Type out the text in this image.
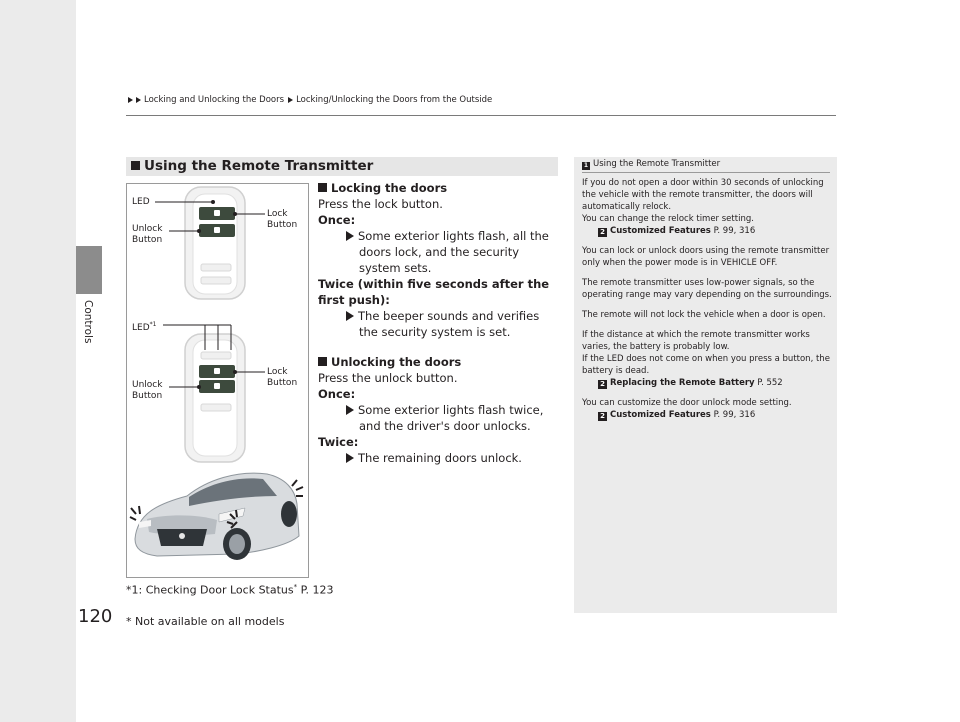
Controls
Locking and Unlocking the Doors Locking/Unlocking the Doors from the Outside
Using the Remote Transmitter
LED
Unlock
Button
Lock
Button
LED$^{*1}$
Unlock
Button
Lock
Button
Locking the doors
Press the lock button.
Once:
Some exterior lights flash, all the doors lock, and the security system sets.
Twice (within five seconds after the first push):
The beeper sounds and verifies the security system is set.
Unlocking the doors
Press the unlock button.
Once:
Some exterior lights flash twice, and the driver's door unlocks.
Twice:
The remaining doors unlock.
*1: Checking Door Lock Status* P. 123
1 Using the Remote Transmitter

If you do not open a door within 30 seconds of unlocking the vehicle with the remote transmitter, the doors will automatically relock.
You can change the relock timer setting.
2 Customized Features P. 99, 316

You can lock or unlock doors using the remote transmitter only when the power mode is in VEHICLE OFF.

The remote transmitter uses low-power signals, so the operating range may vary depending on the surroundings.

The remote will not lock the vehicle when a door is open.

If the distance at which the remote transmitter works varies, the battery is probably low.
If the LED does not come on when you press a button, the battery is dead.
2 Replacing the Remote Battery P. 552

You can customize the door unlock mode setting.
2 Customized Features P. 99, 316

120 * Not available on all models
